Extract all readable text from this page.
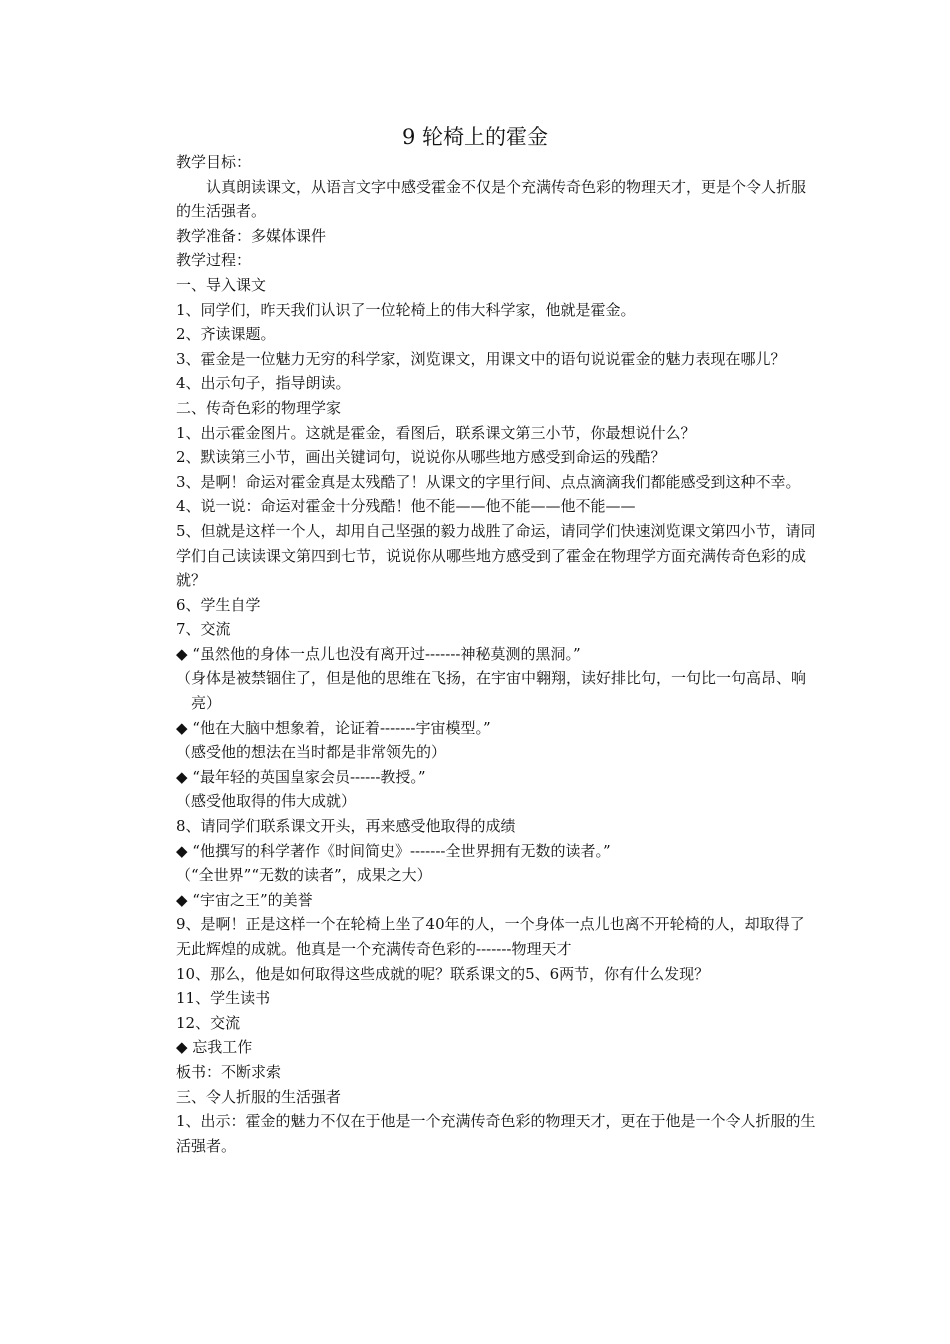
9 轮椅上的霍金

教学目标：

认真朗读课文，从语言文字中感受霍金不仅是个充满传奇色彩的物理天才，更是个令人折服的生活强者。

教学准备：多媒体课件

教学过程：

一、导入课文

1、同学们，昨天我们认识了一位轮椅上的伟大科学家，他就是霍金。

2、齐读课题。

3、霍金是一位魅力无穷的科学家，浏览课文，用课文中的语句说说霍金的魅力表现在哪儿？

4、出示句子，指导朗读。

二、传奇色彩的物理学家

1、出示霍金图片。这就是霍金，看图后，联系课文第三小节，你最想说什么？

2、默读第三小节，画出关键词句，说说你从哪些地方感受到命运的残酷？

3、是啊！命运对霍金真是太残酷了！从课文的字里行间、点点滴滴我们都能感受到这种不幸。

4、说一说：命运对霍金十分残酷！他不能——他不能——他不能——

5、但就是这样一个人，却用自己坚强的毅力战胜了命运，请同学们快速浏览课文第四小节，请同学们自己读读课文第四到七节，说说你从哪些地方感受到了霍金在物理学方面充满传奇色彩的成就？

6、学生自学

7、交流

◆ “虽然他的身体一点儿也没有离开过-------神秘莫测的黑洞。”

（身体是被禁锢住了，但是他的思维在飞扬，在宇宙中翱翔，读好排比句，一句比一句高昂、响亮）

◆ “他在大脑中想象着，论证着-------宇宙模型。”

（感受他的想法在当时都是非常领先的）

◆ “最年轻的英国皇家会员------教授。”

（感受他取得的伟大成就）

8、请同学们联系课文开头，再来感受他取得的成绩

◆ “他撰写的科学著作《时间简史》-------全世界拥有无数的读者。”

（“全世界”“无数的读者”，成果之大）

◆ “宇宙之王”的美誉

9、是啊！正是这样一个在轮椅上坐了40年的人，一个身体一点儿也离不开轮椅的人，却取得了无此辉煌的成就。他真是一个充满传奇色彩的-------物理天才

10、那么，他是如何取得这些成就的呢？联系课文的5、6两节，你有什么发现？

11、学生读书

12、交流

◆ 忘我工作

板书：不断求索

三、令人折服的生活强者

1、出示：霍金的魅力不仅在于他是一个充满传奇色彩的物理天才，更在于他是一个令人折服的生活强者。
